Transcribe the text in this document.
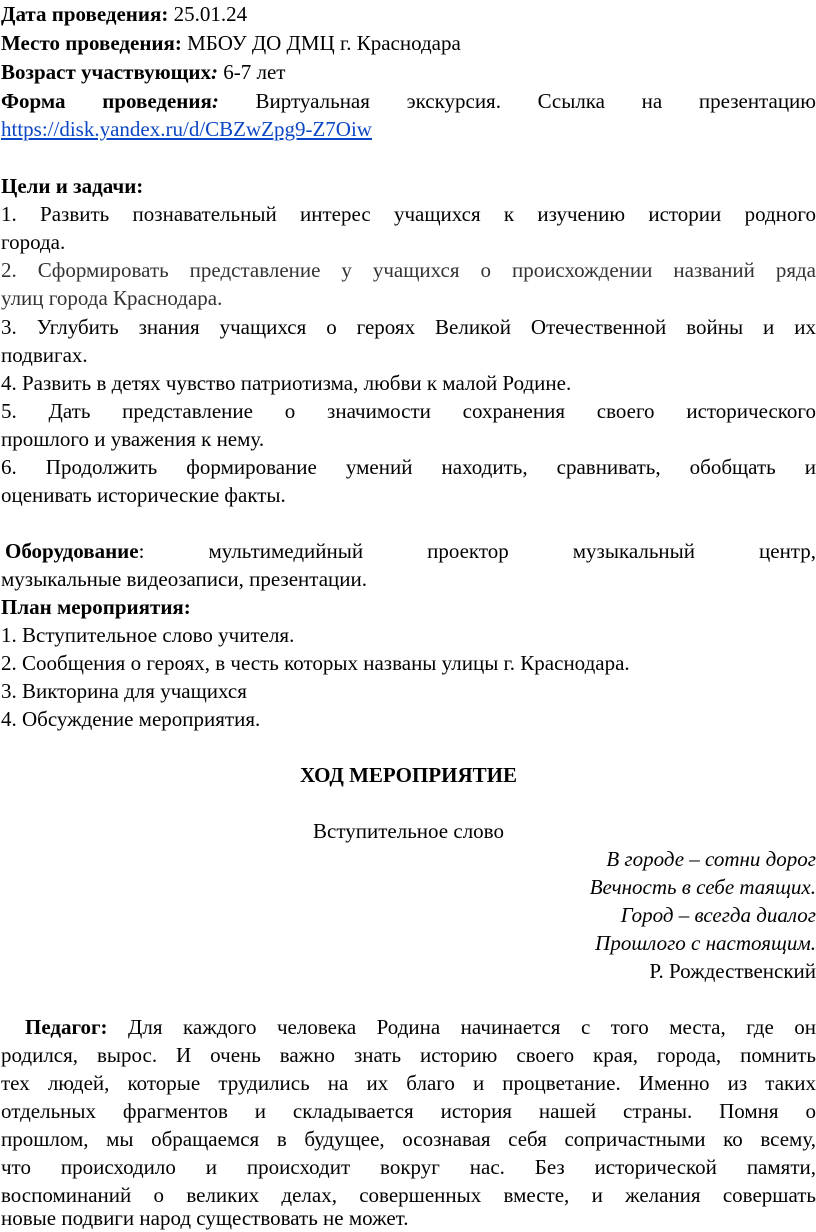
Дата проведения: 25.01.24
Место проведения: МБОУ ДО ДМЦ г. Краснодара
Возраст участвующих: 6-7 лет
Форма проведения: Виртуальная экскурсия. Ссылка на презентацию
https://disk.yandex.ru/d/CBZwZpg9-Z7Oiw
Цели и задачи:
1. Развить познавательный интерес учащихся к изучению истории родного
города.
2. Сформировать представление у учащихся о происхождении названий ряда
улиц города Краснодара.
3. Углубить знания учащихся о героях Великой Отечественной войны и их
подвигах.
4. Развить в детях чувство патриотизма, любви к малой Родине.
5. Дать представление о значимости сохранения своего исторического
прошлого и уважения к нему.
6. Продолжить формирование умений находить, сравнивать, обобщать и
оценивать исторические факты.
Оборудование: мультимедийный проектор музыкальный центр,
музыкальные видеозаписи, презентации.
План мероприятия:
1. Вступительное слово учителя.
2. Сообщения о героях, в честь которых названы улицы г. Краснодара.
3. Викторина для учащихся
4. Обсуждение мероприятия.
ХОД МЕРОПРИЯТИЕ
Вступительное слово
В городе – сотни дорог
Вечность в себе таящих.
Город – всегда диалог
Прошлого с настоящим.
Р. Рождественский
Педагог: Для каждого человека Родина начинается с того места, где он
родился, вырос. И очень важно знать историю своего края, города, помнить
тех людей, которые трудились на их благо и процветание. Именно из таких
отдельных фрагментов и складывается история нашей страны. Помня о
прошлом, мы обращаемся в будущее, осознавая себя сопричастными ко всему,
что происходило и происходит вокруг нас. Без исторической памяти,
воспоминаний о великих делах, совершенных вместе, и желания совершать
новые подвиги народ существовать не может.
